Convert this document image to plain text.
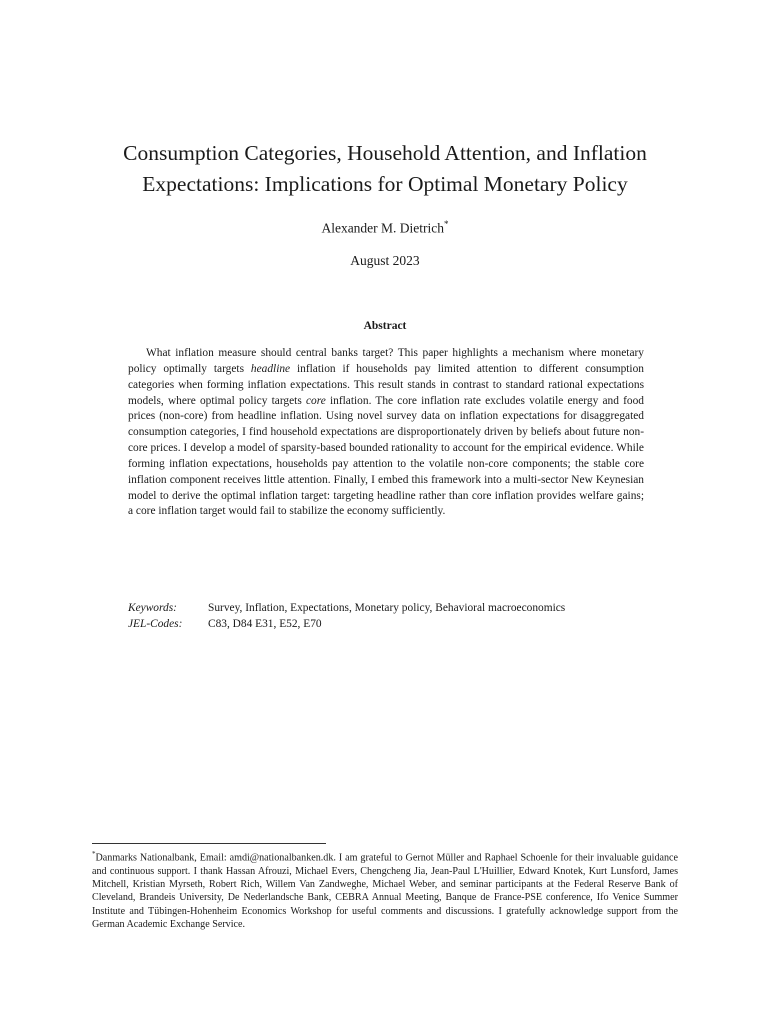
Consumption Categories, Household Attention, and Inflation
Expectations: Implications for Optimal Monetary Policy
Alexander M. Dietrich*
August 2023
Abstract

What inflation measure should central banks target? This paper highlights a mechanism where monetary policy optimally targets headline inflation if households pay limited attention to different consumption categories when forming inflation expectations. This result stands in contrast to standard rational expectations models, where optimal policy targets core inflation. The core inflation rate excludes volatile energy and food prices (non-core) from headline inflation. Using novel survey data on inflation expectations for disaggregated consumption categories, I find household expectations are disproportionately driven by beliefs about future non-core prices. I develop a model of sparsity-based bounded rationality to account for the empirical evidence. While forming inflation expectations, households pay attention to the volatile non-core components; the stable core inflation component receives little attention. Finally, I embed this framework into a multi-sector New Keynesian model to derive the optimal inflation target: targeting headline rather than core inflation provides welfare gains; a core inflation target would fail to stabilize the economy sufficiently.

Keywords:	Survey, Inflation, Expectations, Monetary policy, Behavioral macroeconomics
JEL-Codes:	C83, D84 E31, E52, E70

*Danmarks Nationalbank, Email: amdi@nationalbanken.dk. I am grateful to Gernot Müller and Raphael Schoenle for their invaluable guidance and continuous support. I thank Hassan Afrouzi, Michael Evers, Chengcheng Jia, Jean-Paul L'Huillier, Edward Knotek, Kurt Lunsford, James Mitchell, Kristian Myrseth, Robert Rich, Willem Van Zandweghe, Michael Weber, and seminar participants at the Federal Reserve Bank of Cleveland, Brandeis University, De Nederlandsche Bank, CEBRA Annual Meeting, Banque de France-PSE conference, Ifo Venice Summer Institute and Tübingen-Hohenheim Economics Workshop for useful comments and discussions. I gratefully acknowledge support from the German Academic Exchange Service.
